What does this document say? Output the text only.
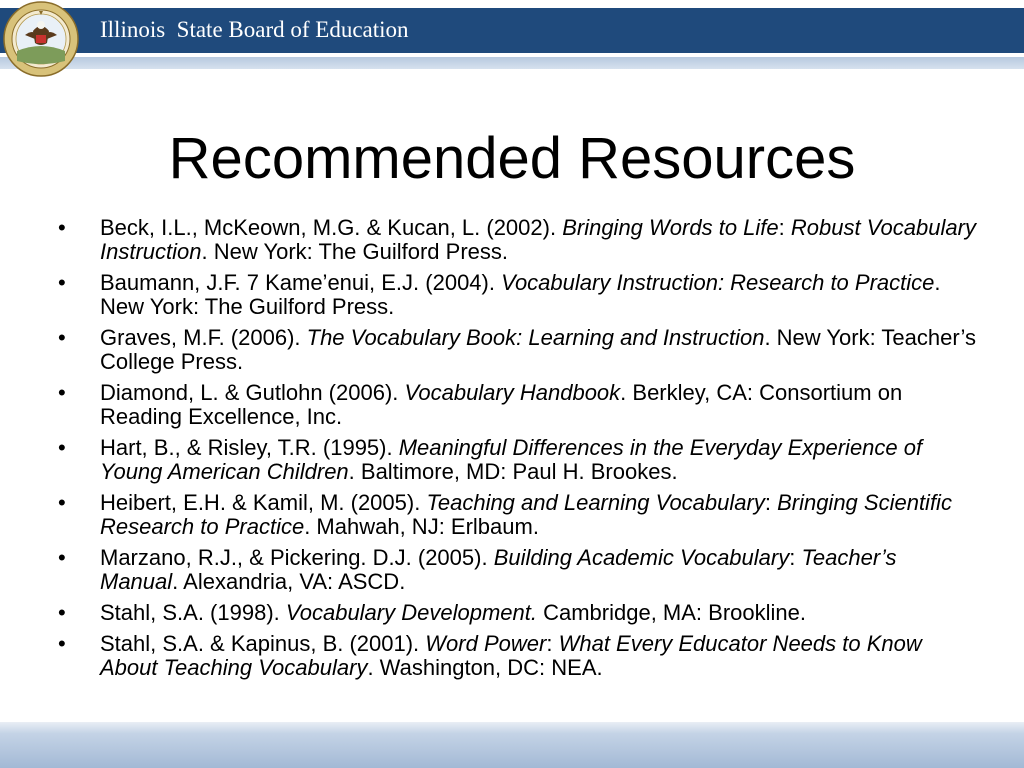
Illinois  State Board of Education
Recommended Resources
•	Beck, I.L., McKeown, M.G. & Kucan, L. (2002). Bringing Words to Life: Robust Vocabulary Instruction. New York: The Guilford Press.
•	Baumann, J.F. 7 Kame’enui, E.J. (2004). Vocabulary Instruction: Research to Practice. New York: The Guilford Press.
•	Graves, M.F. (2006). The Vocabulary Book: Learning and Instruction. New York: Teacher’s College Press.
•	Diamond, L. & Gutlohn (2006). Vocabulary Handbook. Berkley, CA: Consortium on Reading Excellence, Inc.
•	Hart, B., & Risley, T.R. (1995). Meaningful Differences in the Everyday Experience of Young American Children. Baltimore, MD: Paul H. Brookes.
•	Heibert, E.H. & Kamil, M. (2005). Teaching and Learning Vocabulary: Bringing Scientific Research to Practice. Mahwah, NJ: Erlbaum.
•	Marzano, R.J., & Pickering. D.J. (2005). Building Academic Vocabulary: Teacher’s Manual. Alexandria, VA: ASCD.
•	Stahl, S.A. (1998). Vocabulary Development. Cambridge, MA: Brookline.
•	Stahl, S.A. & Kapinus, B. (2001). Word Power: What Every Educator Needs to Know About Teaching Vocabulary. Washington, DC: NEA.
